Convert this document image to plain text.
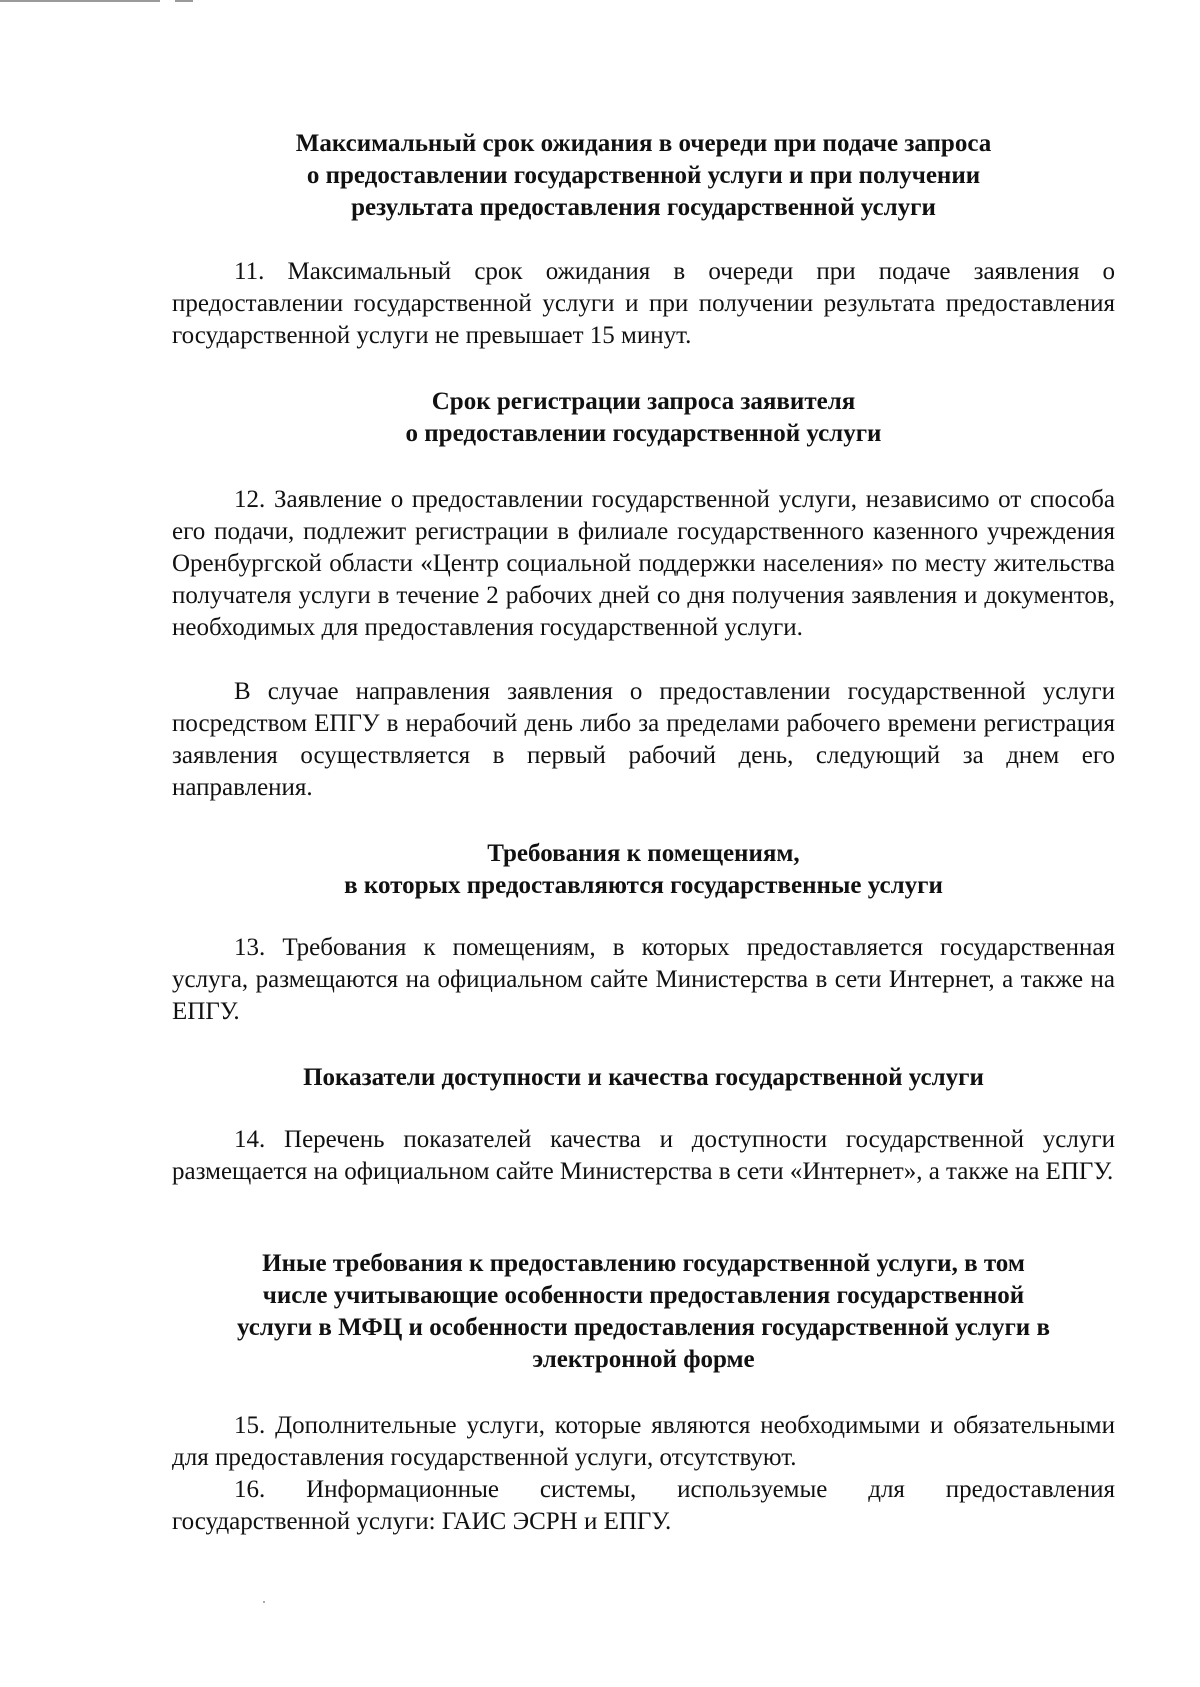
Максимальный срок ожидания в очереди при подаче запроса
о предоставлении государственной услуги и при получении
результата предоставления государственной услуги
11. Максимальный срок ожидания в очереди при подаче заявления о предоставлении государственной услуги и при получении результата предоставления государственной услуги не превышает 15 минут.
Срок регистрации запроса заявителя
о предоставлении государственной услуги
12. Заявление о предоставлении государственной услуги, независимо от способа его подачи, подлежит регистрации в филиале государственного казенного учреждения Оренбургской области «Центр социальной поддержки населения» по месту жительства получателя услуги в течение 2 рабочих дней со дня получения заявления и документов, необходимых для предоставления государственной услуги.
В случае направления заявления о предоставлении государственной услуги посредством ЕПГУ в нерабочий день либо за пределами рабочего времени регистрация заявления осуществляется в первый рабочий день, следующий за днем его направления.
Требования к помещениям,
в которых предоставляются государственные услуги
13. Требования к помещениям, в которых предоставляется государственная услуга, размещаются на официальном сайте Министерства в сети Интернет, а также на ЕПГУ.
Показатели доступности и качества государственной услуги
14. Перечень показателей качества и доступности государственной услуги размещается на официальном сайте Министерства в сети «Интернет», а также на ЕПГУ.
Иные требования к предоставлению государственной услуги, в том
числе учитывающие особенности предоставления государственной
услуги в МФЦ и особенности предоставления государственной услуги в
электронной форме
15. Дополнительные услуги, которые являются необходимыми и обязательными для предоставления государственной услуги, отсутствуют.
16. Информационные системы, используемые для предоставления государственной услуги: ГАИС ЭСРН и ЕПГУ.
